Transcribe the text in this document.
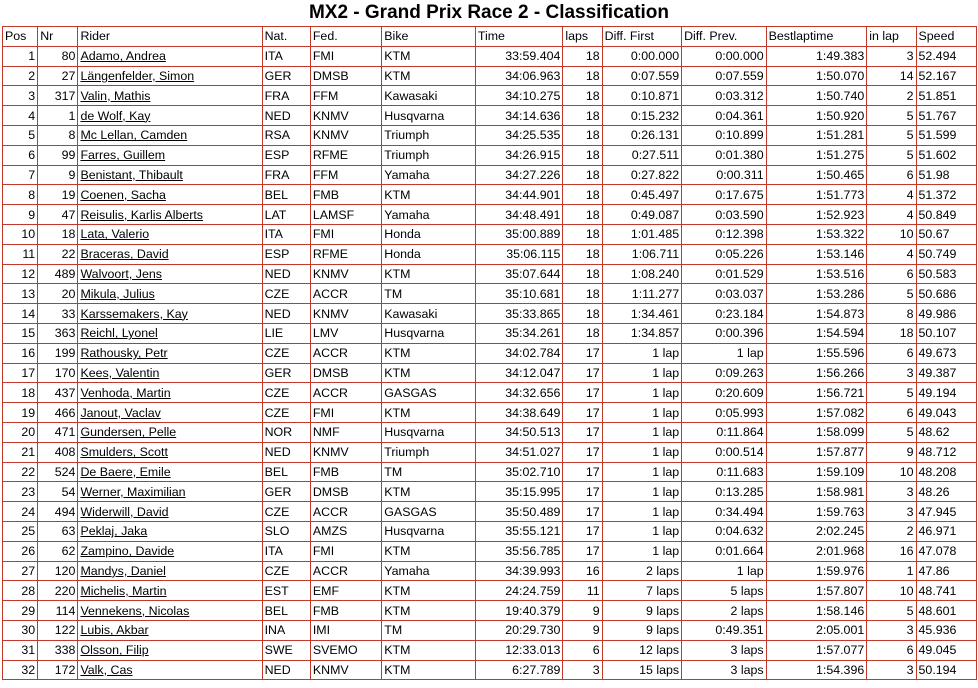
MX2 - Grand Prix Race 2 - Classification
Pos	Nr	Rider	Nat.	Fed.	Bike	Time	laps	Diff. First	Diff. Prev.	Bestlaptime	in lap	Speed
1	80	Adamo, Andrea	ITA	FMI	KTM	33:59.404	18	0:00.000	0:00.000	1:49.383	3	52.494
2	27	Längenfelder, Simon	GER	DMSB	KTM	34:06.963	18	0:07.559	0:07.559	1:50.070	14	52.167
3	317	Valin, Mathis	FRA	FFM	Kawasaki	34:10.275	18	0:10.871	0:03.312	1:50.740	2	51.851
4	1	de Wolf, Kay	NED	KNMV	Husqvarna	34:14.636	18	0:15.232	0:04.361	1:50.920	5	51.767
5	8	Mc Lellan, Camden	RSA	KNMV	Triumph	34:25.535	18	0:26.131	0:10.899	1:51.281	5	51.599
6	99	Farres, Guillem	ESP	RFME	Triumph	34:26.915	18	0:27.511	0:01.380	1:51.275	5	51.602
7	9	Benistant, Thibault	FRA	FFM	Yamaha	34:27.226	18	0:27.822	0:00.311	1:50.465	6	51.98
8	19	Coenen, Sacha	BEL	FMB	KTM	34:44.901	18	0:45.497	0:17.675	1:51.773	4	51.372
9	47	Reisulis, Karlis Alberts	LAT	LAMSF	Yamaha	34:48.491	18	0:49.087	0:03.590	1:52.923	4	50.849
10	18	Lata, Valerio	ITA	FMI	Honda	35:00.889	18	1:01.485	0:12.398	1:53.322	10	50.67
11	22	Braceras, David	ESP	RFME	Honda	35:06.115	18	1:06.711	0:05.226	1:53.146	4	50.749
12	489	Walvoort, Jens	NED	KNMV	KTM	35:07.644	18	1:08.240	0:01.529	1:53.516	6	50.583
13	20	Mikula, Julius	CZE	ACCR	TM	35:10.681	18	1:11.277	0:03.037	1:53.286	5	50.686
14	33	Karssemakers, Kay	NED	KNMV	Kawasaki	35:33.865	18	1:34.461	0:23.184	1:54.873	8	49.986
15	363	Reichl, Lyonel	LIE	LMV	Husqvarna	35:34.261	18	1:34.857	0:00.396	1:54.594	18	50.107
16	199	Rathousky, Petr	CZE	ACCR	KTM	34:02.784	17	1 lap	1 lap	1:55.596	6	49.673
17	170	Kees, Valentin	GER	DMSB	KTM	34:12.047	17	1 lap	0:09.263	1:56.266	3	49.387
18	437	Venhoda, Martin	CZE	ACCR	GASGAS	34:32.656	17	1 lap	0:20.609	1:56.721	5	49.194
19	466	Janout, Vaclav	CZE	FMI	KTM	34:38.649	17	1 lap	0:05.993	1:57.082	6	49.043
20	471	Gundersen, Pelle	NOR	NMF	Husqvarna	34:50.513	17	1 lap	0:11.864	1:58.099	5	48.62
21	408	Smulders, Scott	NED	KNMV	Triumph	34:51.027	17	1 lap	0:00.514	1:57.877	9	48.712
22	524	De Baere, Emile	BEL	FMB	TM	35:02.710	17	1 lap	0:11.683	1:59.109	10	48.208
23	54	Werner, Maximilian	GER	DMSB	KTM	35:15.995	17	1 lap	0:13.285	1:58.981	3	48.26
24	494	Widerwill, David	CZE	ACCR	GASGAS	35:50.489	17	1 lap	0:34.494	1:59.763	3	47.945
25	63	Peklaj, Jaka	SLO	AMZS	Husqvarna	35:55.121	17	1 lap	0:04.632	2:02.245	2	46.971
26	62	Zampino, Davide	ITA	FMI	KTM	35:56.785	17	1 lap	0:01.664	2:01.968	16	47.078
27	120	Mandys, Daniel	CZE	ACCR	Yamaha	34:39.993	16	2 laps	1 lap	1:59.976	1	47.86
28	220	Michelis, Martin	EST	EMF	KTM	24:24.759	11	7 laps	5 laps	1:57.807	10	48.741
29	114	Vennekens, Nicolas	BEL	FMB	KTM	19:40.379	9	9 laps	2 laps	1:58.146	5	48.601
30	122	Lubis, Akbar	INA	IMI	TM	20:29.730	9	9 laps	0:49.351	2:05.001	3	45.936
31	338	Olsson, Filip	SWE	SVEMO	KTM	12:33.013	6	12 laps	3 laps	1:57.077	6	49.045
32	172	Valk, Cas	NED	KNMV	KTM	6:27.789	3	15 laps	3 laps	1:54.396	3	50.194
